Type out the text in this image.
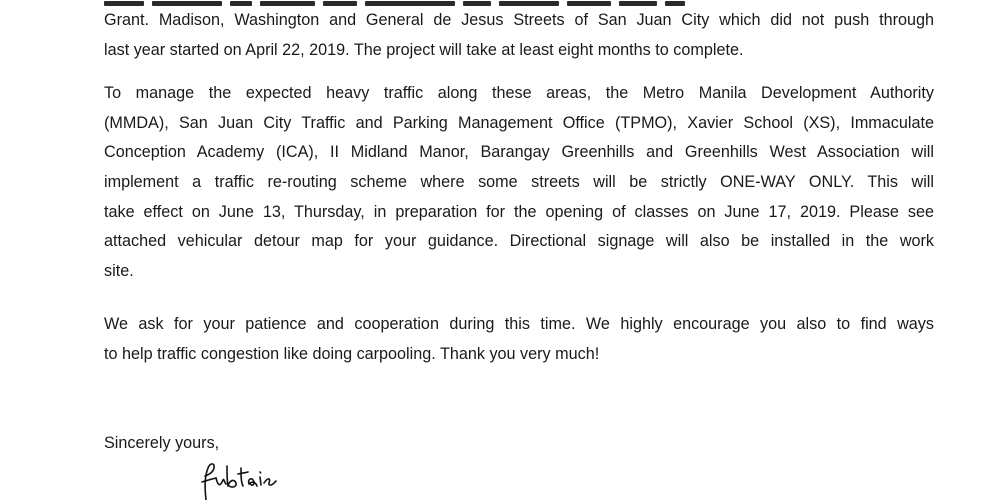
Grant. Madison, Washington and General de Jesus Streets of San Juan City which did not push through
last year started on April 22, 2019. The project will take at least eight months to complete.

To manage the expected heavy traffic along these areas, the Metro Manila Development Authority
(MMDA), San Juan City Traffic and Parking Management Office (TPMO), Xavier School (XS), Immaculate
Conception Academy (ICA), II Midland Manor, Barangay Greenhills and Greenhills West Association will
implement a traffic re-routing scheme where some streets will be strictly ONE-WAY ONLY. This will
take effect on June 13, Thursday, in preparation for the opening of classes on June 17, 2019. Please see
attached vehicular detour map for your guidance. Directional signage will also be installed in the work
site.

We ask for your patience and cooperation during this time. We highly encourage you also to find ways
to help traffic congestion like doing carpooling. Thank you very much!

Sincerely yours,
